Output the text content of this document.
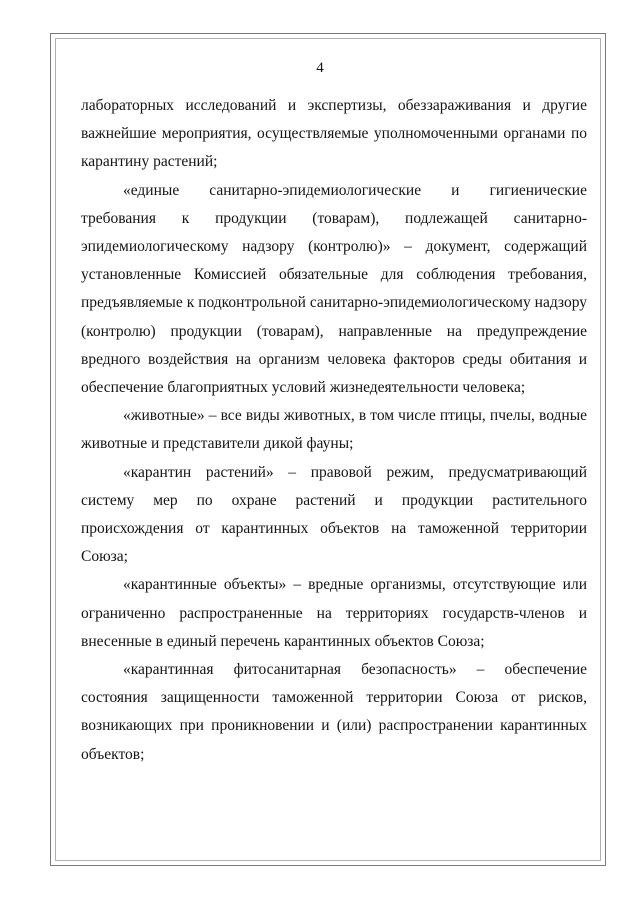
4

лабораторных исследований и экспертизы, обеззараживания и другие важнейшие мероприятия, осуществляемые уполномоченными органами по карантину растений;

«единые санитарно-эпидемиологические и гигиенические требования к продукции (товарам), подлежащей санитарно-эпидемиологическому надзору (контролю)» – документ, содержащий установленные Комиссией обязательные для соблюдения требования, предъявляемые к подконтрольной санитарно-эпидемиологическому надзору (контролю) продукции (товарам), направленные на предупреждение вредного воздействия на организм человека факторов среды обитания и обеспечение благоприятных условий жизнедеятельности человека;

«животные» – все виды животных, в том числе птицы, пчелы, водные животные и представители дикой фауны;

«карантин растений» – правовой режим, предусматривающий систему мер по охране растений и продукции растительного происхождения от карантинных объектов на таможенной территории Союза;

«карантинные объекты» – вредные организмы, отсутствующие или ограниченно распространенные на территориях государств-членов и внесенные в единый перечень карантинных объектов Союза;

«карантинная фитосанитарная безопасность» – обеспечение состояния защищенности таможенной территории Союза от рисков, возникающих при проникновении и (или) распространении карантинных объектов;
